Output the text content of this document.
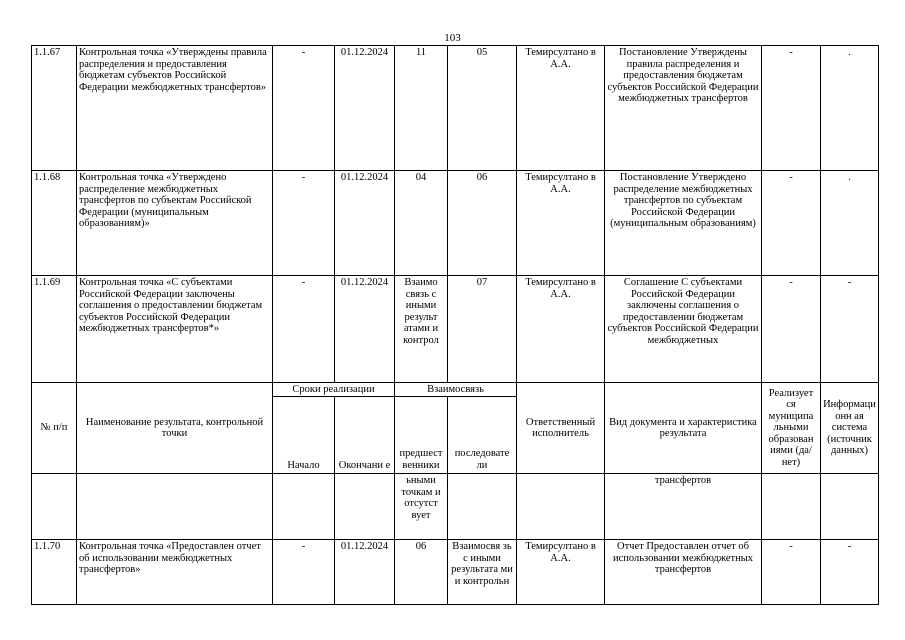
103
1.1.67	Контрольная точка «Утверждены правила распределения и предоставления бюджетам субъектов Российской Федерации межбюджетных трансфертов»	-	01.12.2024	11	05	Темирсултано в А.А.	Постановление Утверждены правила распределения и предоставления бюджетам субъектов Российской Федерации межбюджетных трансфертов	-	.
1.1.68	Контрольная точка «Утверждено распределение межбюджетных трансфертов по субъектам Российской Федерации (муниципальным образованиям)»	-	01.12.2024	04	06	Темирсултано в А.А.	Постановление Утверждено распределение межбюджетных трансфертов по субъектам Российской Федерации (муниципальным образованиям)	-	.
1.1.69	Контрольная точка «С субъектами Российской Федерации заключены соглашения о предоставлении бюджетам субъектов Российской Федерации межбюджетных трансфертов*»	-	01.12.2024	Взаимо связь с иными результ атами и контрол	07	Темирсултано в А.А.	Соглашение С субъектами Российской Федерации заключены соглашения о предоставлении бюджетам субъектов Российской Федерации межбюджетных	-	-
№ п/п	Наименование результата, контрольной точки	Сроки реализации		Взаимосвязь		Ответственный исполнитель	Вид документа и характеристика результата	Реализует ся муниципа льными образован иями (да/нет)	Информационн ая система (источник данных)
		Начало	Окончани е	предшест венники	последовате ли				
				ьными точкам и отсутст вует			трансфертов		
1.1.70	Контрольная точка «Предоставлен отчет об использовании межбюджетных трансфертов»	-	01.12.2024	06	Взаимосвя зь с иными результата ми и контрольн	Темирсултано в А.А.	Отчет Предоставлен отчет об использовании межбюджетных трансфертов	-	-
